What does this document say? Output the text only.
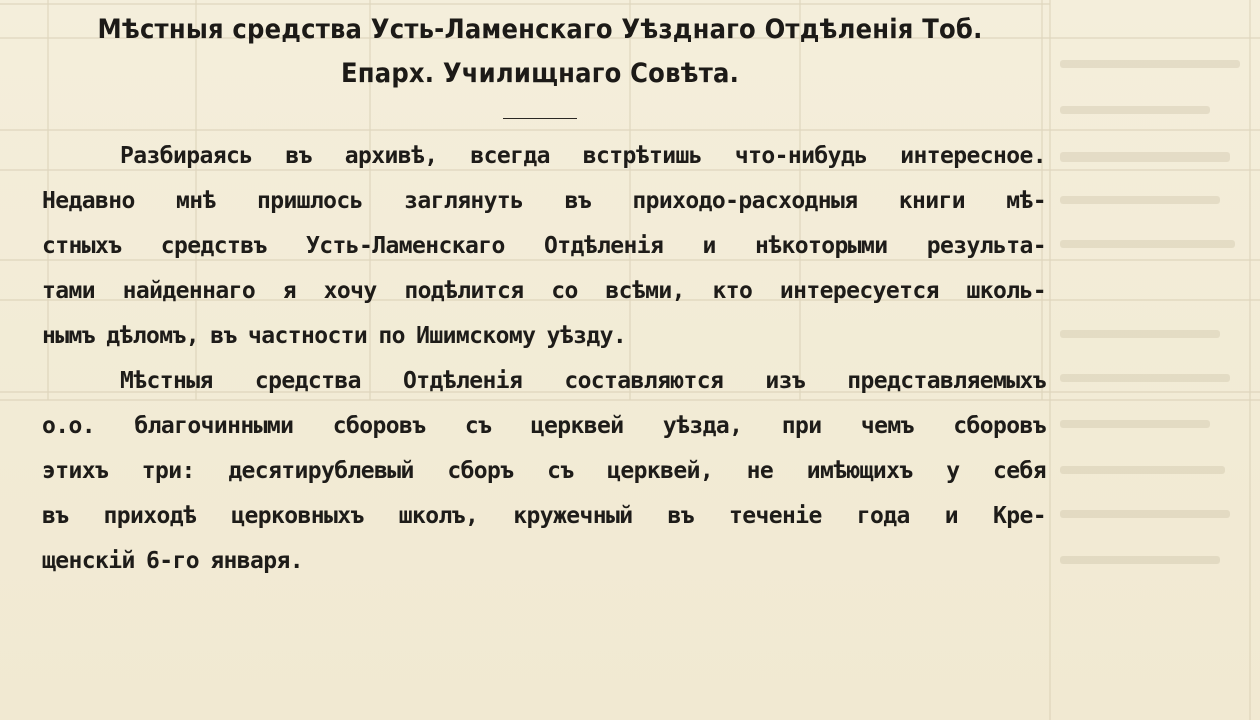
Мѣстныя средства Усть-Ламенскаго Уѣзднаго Отдѣленія Тоб.
Епарх. Училищнаго Совѣта.
Разбираясь въ архивѣ, всегда встрѣтишь что-нибудь интересное.
Недавно мнѣ пришлось заглянуть въ приходо-расходныя книги мѣ-
стныхъ средствъ Усть-Ламенскаго Отдѣленія и нѣкоторыми результа-
тами найденнаго я хочу подѣлится со всѣми, кто интересуется школь-
нымъ дѣломъ, въ частности по Ишимскому уѣзду.
Мѣстныя средства Отдѣленія составляются изъ представляемыхъ
о.о. благочинными сборовъ съ церквей уѣзда, при чемъ сборовъ
этихъ три: десятирублевый сборъ съ церквей, не имѣющихъ у себя
въ приходѣ церковныхъ школъ, кружечный въ теченіе года и Кре-
щенскій 6-го января.
